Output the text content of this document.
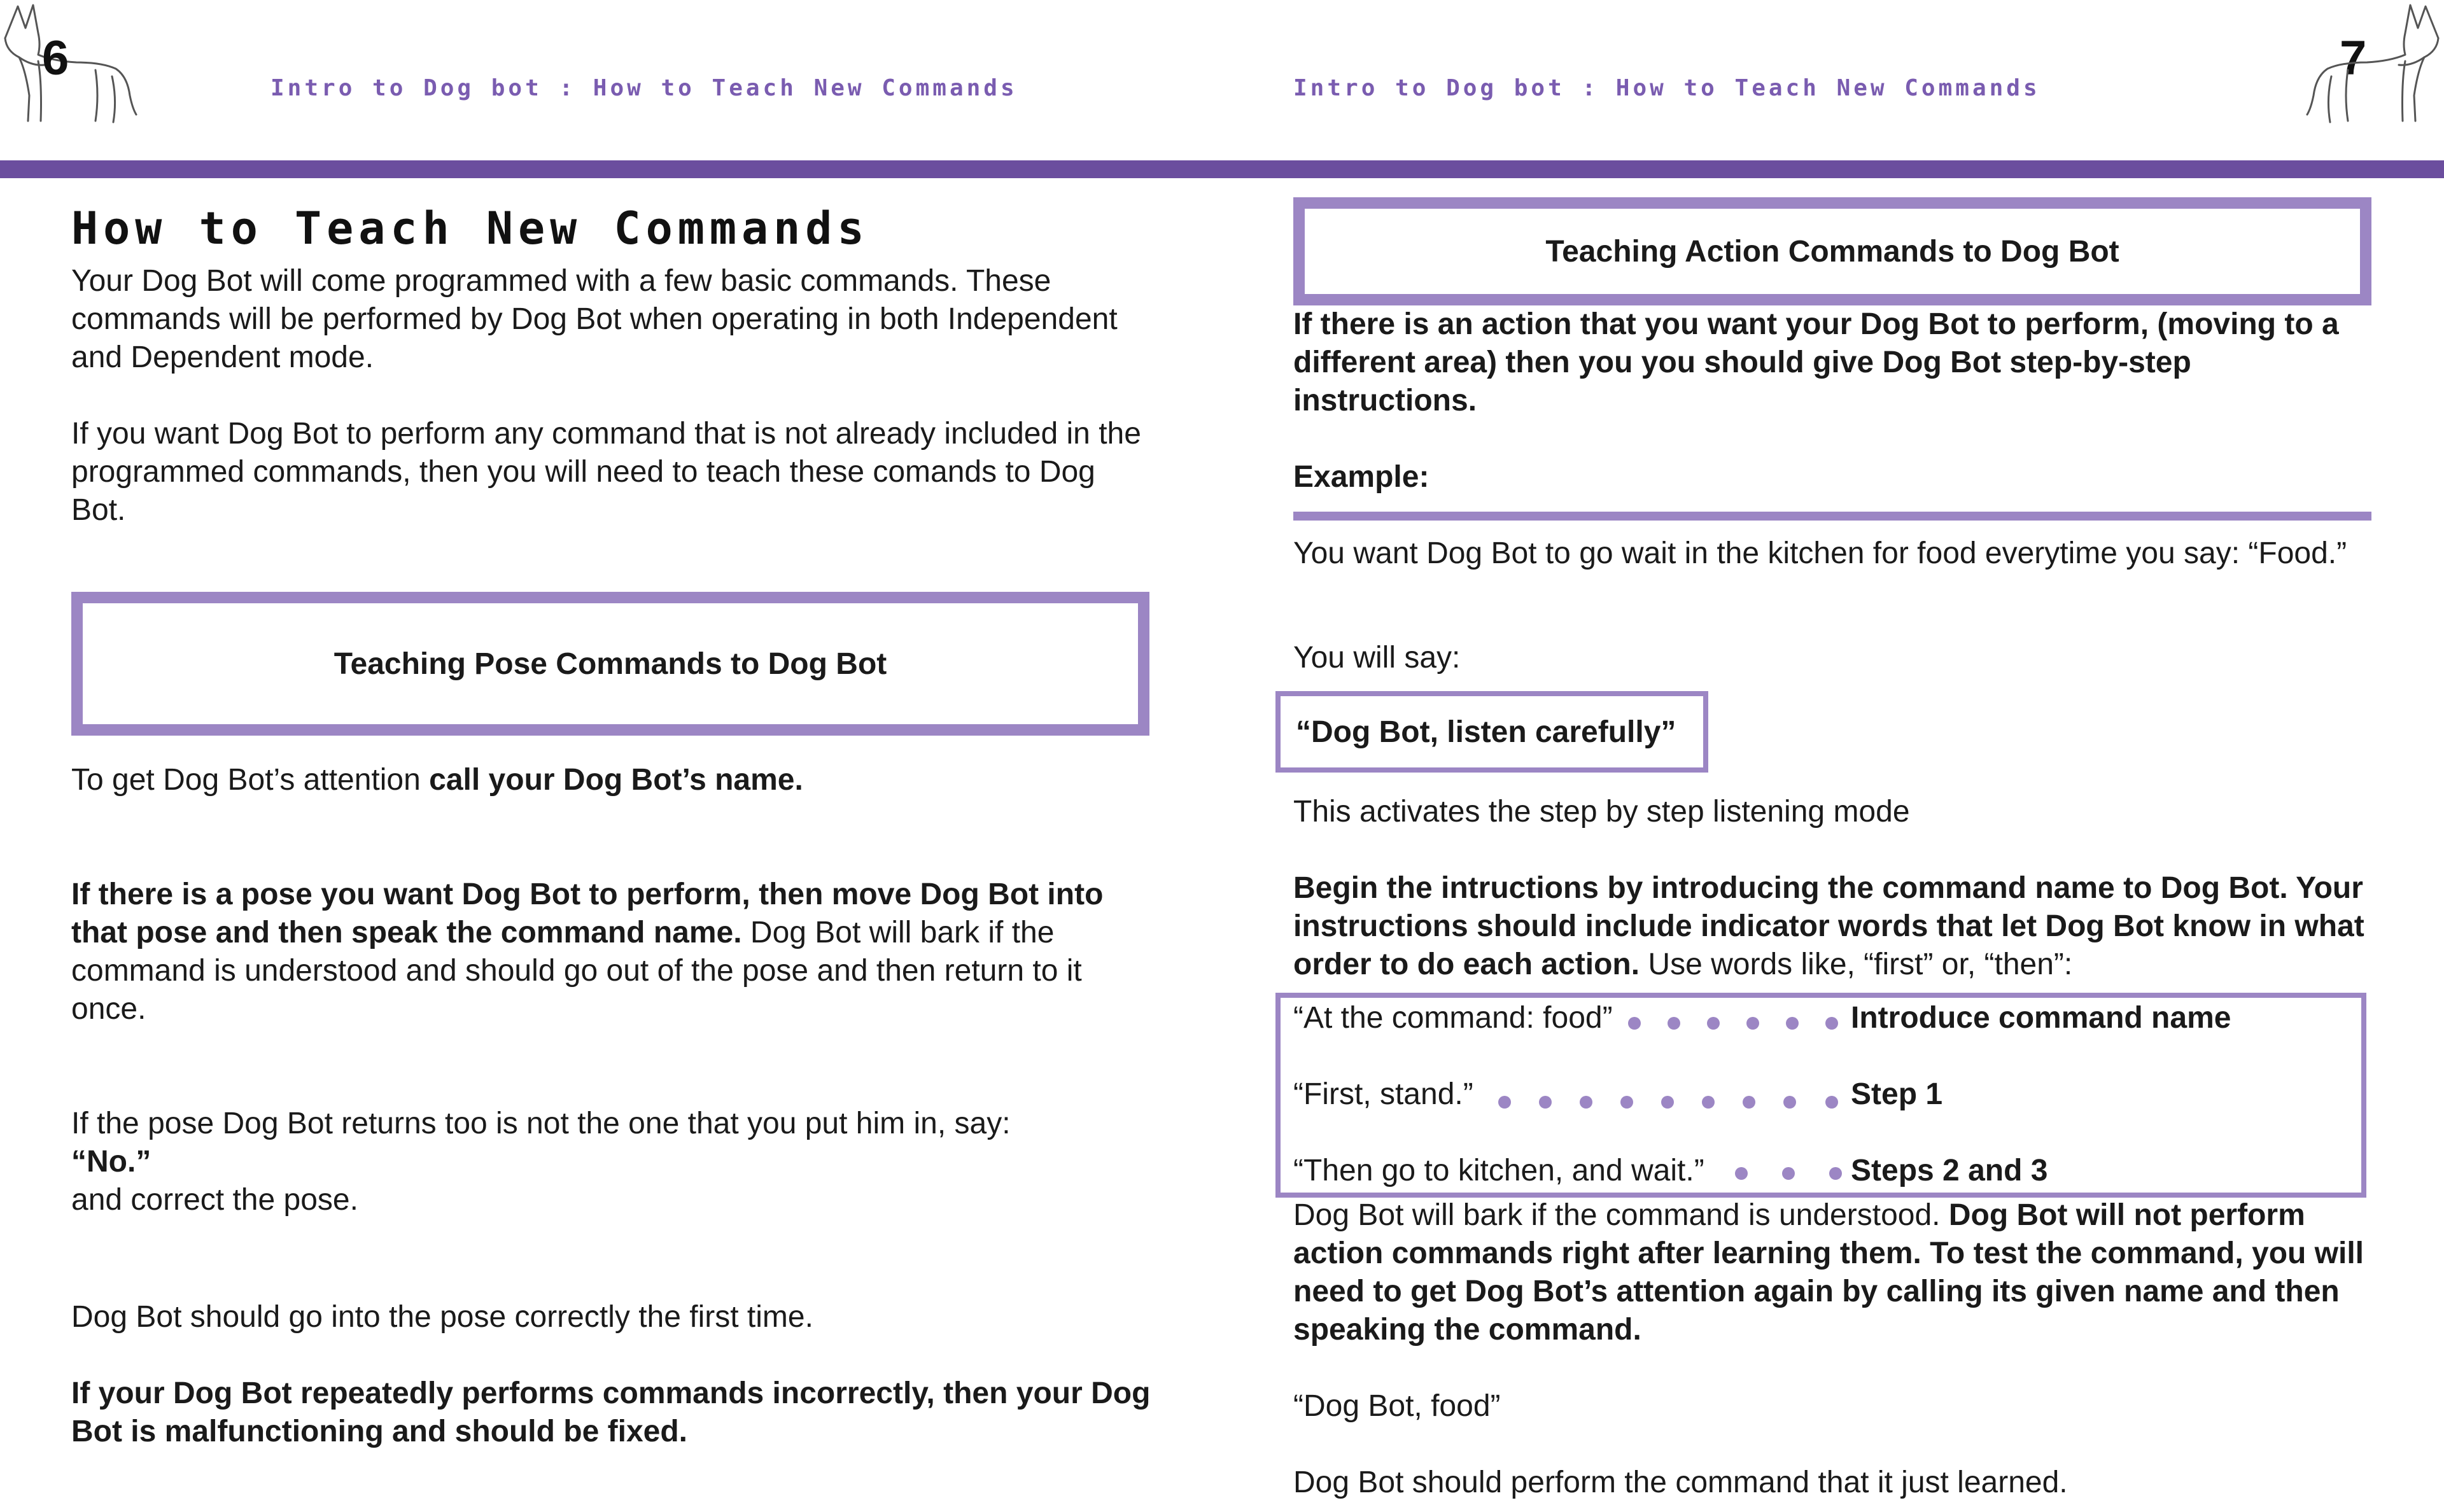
6
Intro to Dog bot : How to Teach New Commands	Intro to Dog bot : How to Teach New Commands
7
How to Teach New Commands

Your Dog Bot will come programmed with a few basic commands. These commands will be performed by Dog Bot when operating in both Independent and Dependent mode.

If you want Dog Bot to perform any command that is not already included in the programmed commands, then you will need to teach these comands to Dog Bot.

Teaching Pose Commands to Dog Bot

To get Dog Bot’s attention call your Dog Bot’s name.

If there is a pose you want Dog Bot to perform, then move Dog Bot into that pose and then speak the command name. Dog Bot will bark if the command is understood and should go out of the pose and then return to it once.

If the pose Dog Bot returns too is not the one that you put him in, say:

“No.”

and correct the pose.

Dog Bot should go into the pose correctly the first time.

If your Dog Bot repeatedly performs commands incorrectly, then your Dog Bot is malfunctioning and should be fixed.

Teaching Action Commands to Dog Bot

If there is an action that you want your Dog Bot to perform, (moving to a different area) then you you should give Dog Bot step-by-step instructions.

Example:

You want Dog Bot to go wait in the kitchen for food everytime you say: “Food.”

You will say:

“Dog Bot, listen carefully”

This activates the step by step listening mode

Begin the intructions by introducing the command name to Dog Bot. Your instructions should include indicator words that let Dog Bot know in what order to do each action. Use words like, “first” or, “then”:

“At the command: food”	Introduce command name
“First, stand.”	Step 1
“Then go to kitchen, and wait.”	Steps 2 and 3

Dog Bot will bark if the command is understood. Dog Bot will not perform action commands right after learning them. To test the command, you will need to get Dog Bot’s attention again by calling its given name and then speaking the command.

“Dog Bot, food”

Dog Bot should perform the command that it just learned.
